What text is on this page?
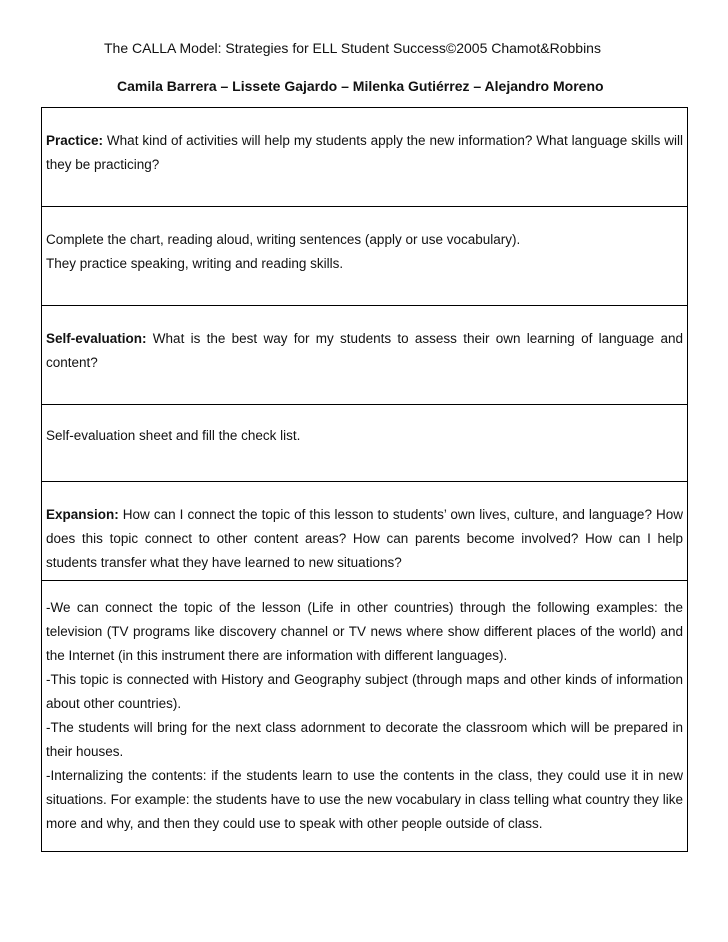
The CALLA Model: Strategies for ELL Student Success©2005 Chamot&Robbins
Camila Barrera – Lissete Gajardo – Milenka Gutiérrez – Alejandro Moreno
Practice: What kind of activities will help my students apply the new information? What language skills will they be practicing?

Complete the chart, reading aloud, writing sentences (apply or use vocabulary).
They practice speaking, writing and reading skills.

Self-evaluation: What is the best way for my students to assess their own learning of language and content?

Self-evaluation sheet and fill the check list.

Expansion: How can I connect the topic of this lesson to students’ own lives, culture, and language? How does this topic connect to other content areas? How can parents become involved? How can I help students transfer what they have learned to new situations?

-We can connect the topic of the lesson (Life in other countries) through the following examples: the television (TV programs like discovery channel or TV news where show different places of the world) and the Internet (in this instrument there are information with different languages).
-This topic is connected with History and Geography subject (through maps and other kinds of information about other countries).
-The students will bring for the next class adornment to decorate the classroom which will be prepared in their houses.
-Internalizing the contents: if the students learn to use the contents in the class, they could use it in new situations. For example: the students have to use the new vocabulary in class telling what country they like more and why, and then they could use to speak with other people outside of class.
